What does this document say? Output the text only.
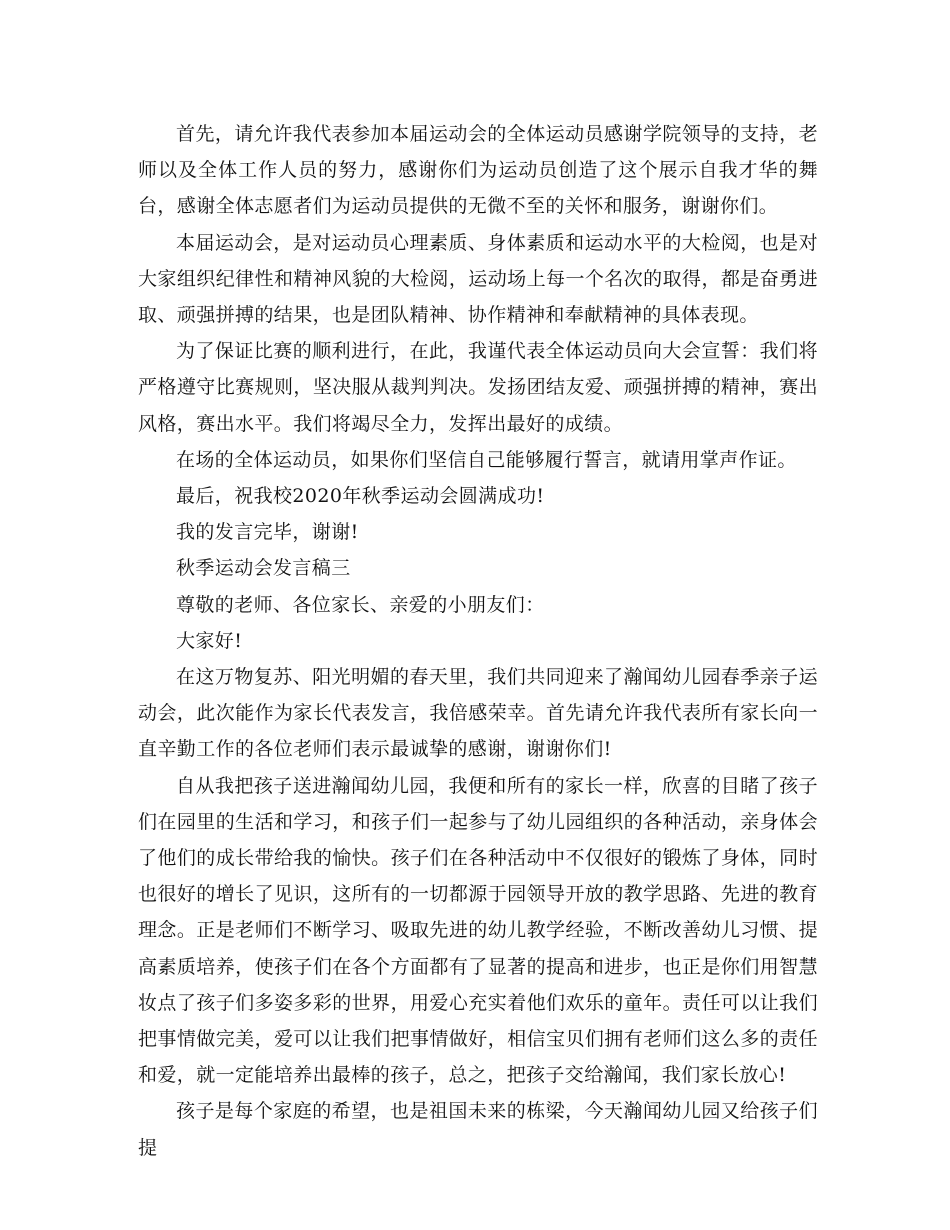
首先，请允许我代表参加本届运动会的全体运动员感谢学院领导的支持，老师以及全体工作人员的努力，感谢你们为运动员创造了这个展示自我才华的舞台，感谢全体志愿者们为运动员提供的无微不至的关怀和服务，谢谢你们。

本届运动会，是对运动员心理素质、身体素质和运动水平的大检阅，也是对大家组织纪律性和精神风貌的大检阅，运动场上每一个名次的取得，都是奋勇进取、顽强拼搏的结果，也是团队精神、协作精神和奉献精神的具体表现。

为了保证比赛的顺利进行，在此，我谨代表全体运动员向大会宣誓：我们将严格遵守比赛规则，坚决服从裁判判决。发扬团结友爱、顽强拼搏的精神，赛出风格，赛出水平。我们将竭尽全力，发挥出最好的成绩。

在场的全体运动员，如果你们坚信自己能够履行誓言，就请用掌声作证。

最后，祝我校2020年秋季运动会圆满成功!

我的发言完毕，谢谢!

秋季运动会发言稿三

尊敬的老师、各位家长、亲爱的小朋友们：

大家好!

在这万物复苏、阳光明媚的春天里，我们共同迎来了瀚闻幼儿园春季亲子运动会，此次能作为家长代表发言，我倍感荣幸。首先请允许我代表所有家长向一直辛勤工作的各位老师们表示最诚挚的感谢，谢谢你们!

自从我把孩子送进瀚闻幼儿园，我便和所有的家长一样，欣喜的目睹了孩子们在园里的生活和学习，和孩子们一起参与了幼儿园组织的各种活动，亲身体会了他们的成长带给我的愉快。孩子们在各种活动中不仅很好的锻炼了身体，同时也很好的增长了见识，这所有的一切都源于园领导开放的教学思路、先进的教育理念。正是老师们不断学习、吸取先进的幼儿教学经验，不断改善幼儿习惯、提高素质培养，使孩子们在各个方面都有了显著的提高和进步，也正是你们用智慧妆点了孩子们多姿多彩的世界，用爱心充实着他们欢乐的童年。责任可以让我们把事情做完美，爱可以让我们把事情做好，相信宝贝们拥有老师们这么多的责任和爱，就一定能培养出最棒的孩子，总之，把孩子交给瀚闻，我们家长放心!

孩子是每个家庭的希望，也是祖国未来的栋梁，今天瀚闻幼儿园又给孩子们提
